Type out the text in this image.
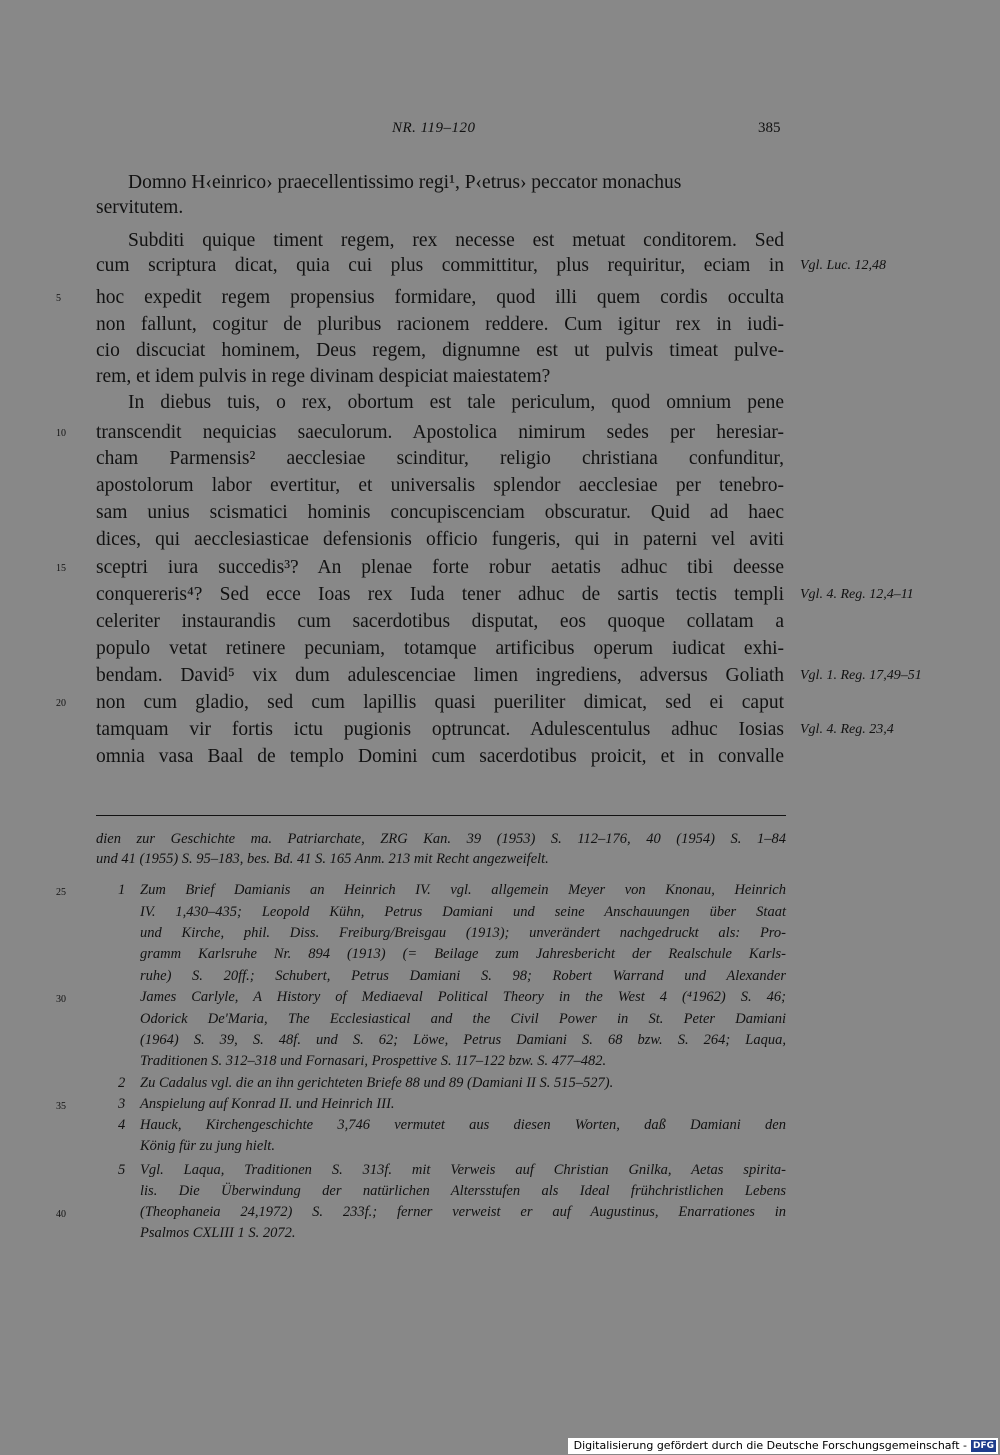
NR. 119–120	385
Domno H‹einrico› praecellentissimo regi¹, P‹etrus› peccator monachus
servitutem.
Subditi quique timent regem, rex necesse est metuat conditorem. Sed
cum scriptura dicat, quia cui plus committitur, plus requiritur, eciam in
hoc expedit regem propensius formidare, quod illi quem cordis occulta
non fallunt, cogitur de pluribus racionem reddere. Cum igitur rex in iudi-
cio discuciat hominem, Deus regem, dignumne est ut pulvis timeat pulve-
rem, et idem pulvis in rege divinam despiciat maiestatem?
In diebus tuis, o rex, obortum est tale periculum, quod omnium pene
transcendit nequicias saeculorum. Apostolica nimirum sedes per heresiar-
cham Parmensis² aecclesiae scinditur, religio christiana confunditur,
apostolorum labor evertitur, et universalis splendor aecclesiae per tenebro-
sam unius scismatici hominis concupiscenciam obscuratur. Quid ad haec
dices, qui aecclesiasticae defensionis officio fungeris, qui in paterni vel aviti
sceptri iura succedis³? An plenae forte robur aetatis adhuc tibi deesse
conquereris⁴? Sed ecce Ioas rex Iuda tener adhuc de sartis tectis templi
celeriter instaurandis cum sacerdotibus disputat, eos quoque collatam a
populo vetat retinere pecuniam, totamque artificibus operum iudicat exhi-
bendam. David⁵ vix dum adulescenciae limen ingrediens, adversus Goliath
non cum gladio, sed cum lapillis quasi pueriliter dimicat, sed ei caput
tamquam vir fortis ictu pugionis optruncat. Adulescentulus adhuc Iosias
omnia vasa Baal de templo Domini cum sacerdotibus proicit, et in convalle
5
10
15
20
Vgl. Luc. 12,48
Vgl. 4. Reg. 12,4–11
Vgl. 1. Reg. 17,49–51
Vgl. 4. Reg. 23,4
dien zur Geschichte ma. Patriarchate, ZRG Kan. 39 (1953) S. 112–176, 40 (1954) S. 1–84
und 41 (1955) S. 95–183, bes. Bd. 41 S. 165 Anm. 213 mit Recht angezweifelt.
1 Zum Brief Damianis an Heinrich IV. vgl. allgemein Meyer von Knonau, Heinrich
IV. 1,430–435; Leopold Kühn, Petrus Damiani und seine Anschauungen über Staat
und Kirche, phil. Diss. Freiburg/Breisgau (1913); unverändert nachgedruckt als: Pro-
gramm Karlsruhe Nr. 894 (1913) (= Beilage zum Jahresbericht der Realschule Karls-
ruhe) S. 20ff.; Schubert, Petrus Damiani S. 98; Robert Warrand und Alexander
James Carlyle, A History of Mediaeval Political Theory in the West 4 (⁴1962) S. 46;
Odorick De'Maria, The Ecclesiastical and the Civil Power in St. Peter Damiani
(1964) S. 39, S. 48f. und S. 62; Löwe, Petrus Damiani S. 68 bzw. S. 264; Laqua,
Traditionen S. 312–318 und Fornasari, Prospettive S. 117–122 bzw. S. 477–482.
2 Zu Cadalus vgl. die an ihn gerichteten Briefe 88 und 89 (Damiani II S. 515–527).
3 Anspielung auf Konrad II. und Heinrich III.
4 Hauck, Kirchengeschichte 3,746 vermutet aus diesen Worten, daß Damiani den
König für zu jung hielt.
5 Vgl. Laqua, Traditionen S. 313f. mit Verweis auf Christian Gnilka, Aetas spirita-
lis. Die Überwindung der natürlichen Altersstufen als Ideal frühchristlichen Lebens
(Theophaneia 24,1972) S. 233f.; ferner verweist er auf Augustinus, Enarrationes in
Psalmos CXLIII 1 S. 2072.
25
30
35
40
Digitalisierung gefördert durch die Deutsche Forschungsgemeinschaft - DFG
